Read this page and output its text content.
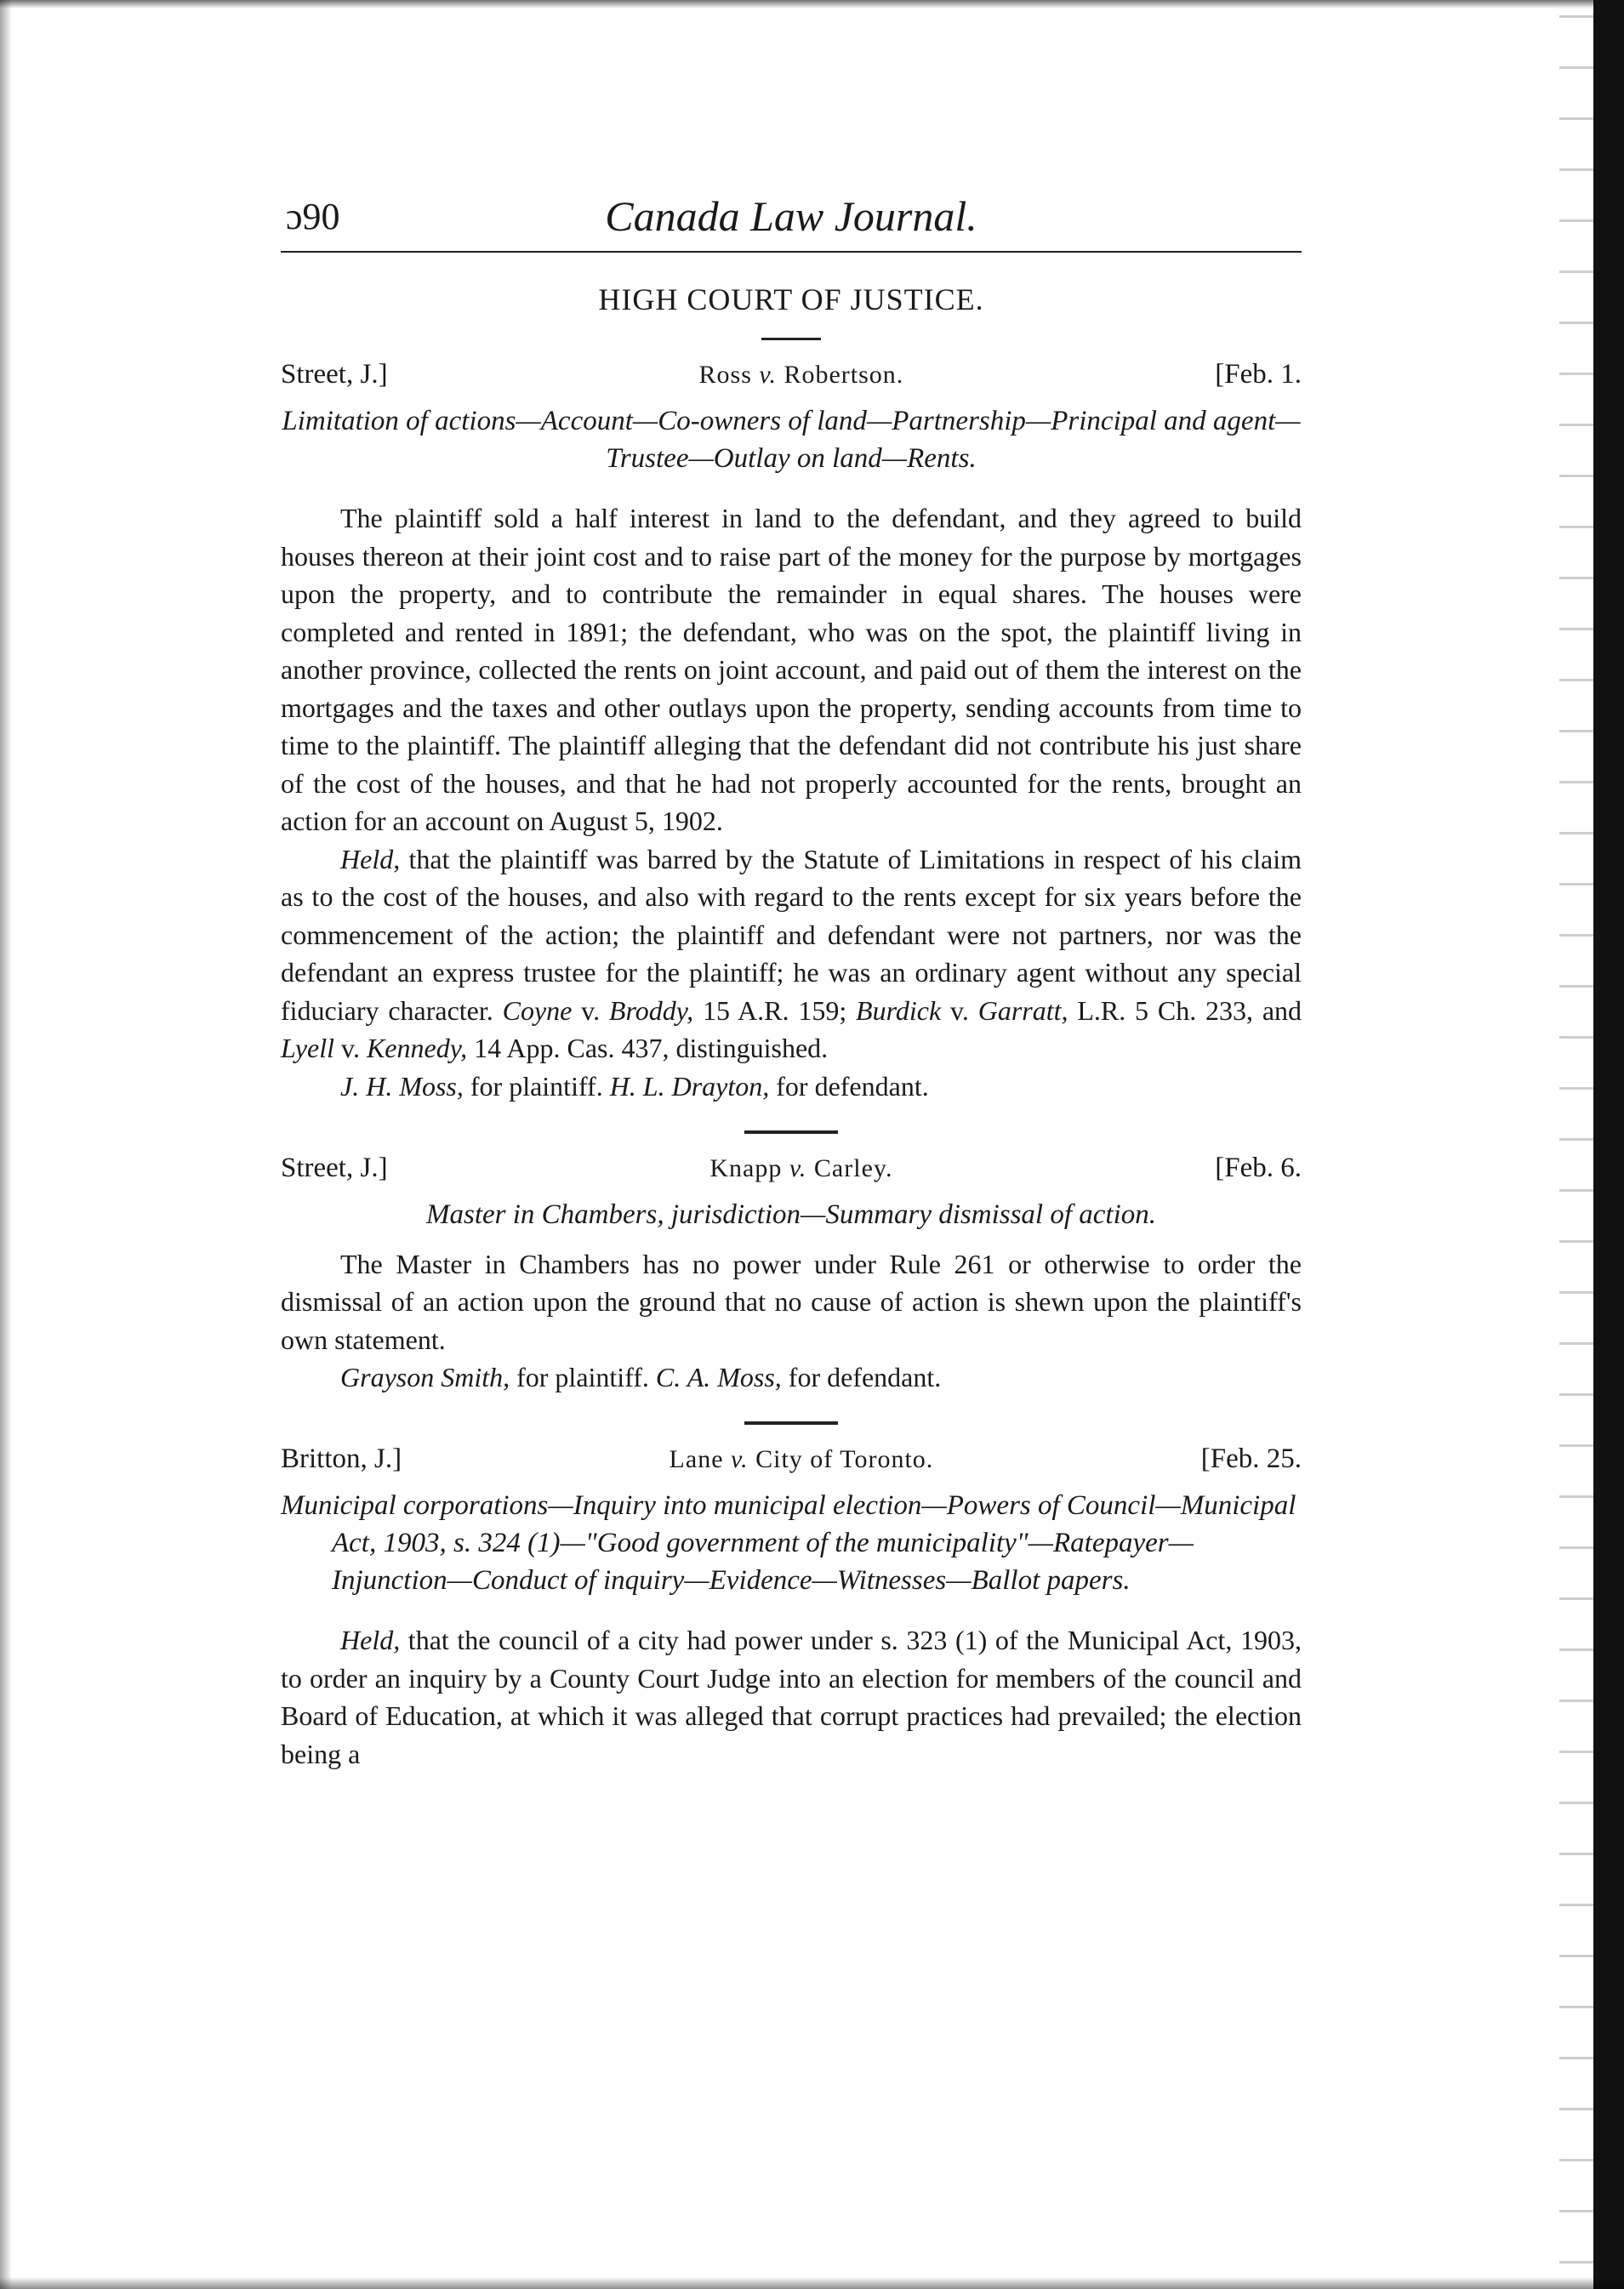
ɔ90	Canada Law Journal.
HIGH COURT OF JUSTICE.
Street, J.]	Ross v. Robertson.	[Feb. 1.
Limitation of actions—Account—Co-owners of land—Partnership—Principal and agent—Trustee—Outlay on land—Rents.

The plaintiff sold a half interest in land to the defendant, and they agreed to build houses thereon at their joint cost and to raise part of the money for the purpose by mortgages upon the property, and to contribute the remainder in equal shares. The houses were completed and rented in 1891; the defendant, who was on the spot, the plaintiff living in another province, collected the rents on joint account, and paid out of them the interest on the mortgages and the taxes and other outlays upon the property, sending accounts from time to time to the plaintiff. The plaintiff alleging that the defendant did not contribute his just share of the cost of the houses, and that he had not properly accounted for the rents, brought an action for an account on August 5, 1902.

Held, that the plaintiff was barred by the Statute of Limitations in respect of his claim as to the cost of the houses, and also with regard to the rents except for six years before the commencement of the action; the plaintiff and defendant were not partners, nor was the defendant an express trustee for the plaintiff; he was an ordinary agent without any special fiduciary character. Coyne v. Broddy, 15 A.R. 159; Burdick v. Garratt, L.R. 5 Ch. 233, and Lyell v. Kennedy, 14 App. Cas. 437, distinguished.

J. H. Moss, for plaintiff. H. L. Drayton, for defendant.
Street, J.]	Knapp v. Carley.	[Feb. 6.
Master in Chambers, jurisdiction—Summary dismissal of action.

The Master in Chambers has no power under Rule 261 or otherwise to order the dismissal of an action upon the ground that no cause of action is shewn upon the plaintiff's own statement.

Grayson Smith, for plaintiff. C. A. Moss, for defendant.
Britton, J.]	Lane v. City of Toronto.	[Feb. 25.
Municipal corporations—Inquiry into municipal election—Powers of Council—Municipal Act, 1903, s. 324 (1)—"Good government of the municipality"—Ratepayer—Injunction—Conduct of inquiry—Evidence—Witnesses—Ballot papers.

Held, that the council of a city had power under s. 323 (1) of the Municipal Act, 1903, to order an inquiry by a County Court Judge into an election for members of the council and Board of Education, at which it was alleged that corrupt practices had prevailed; the election being a
